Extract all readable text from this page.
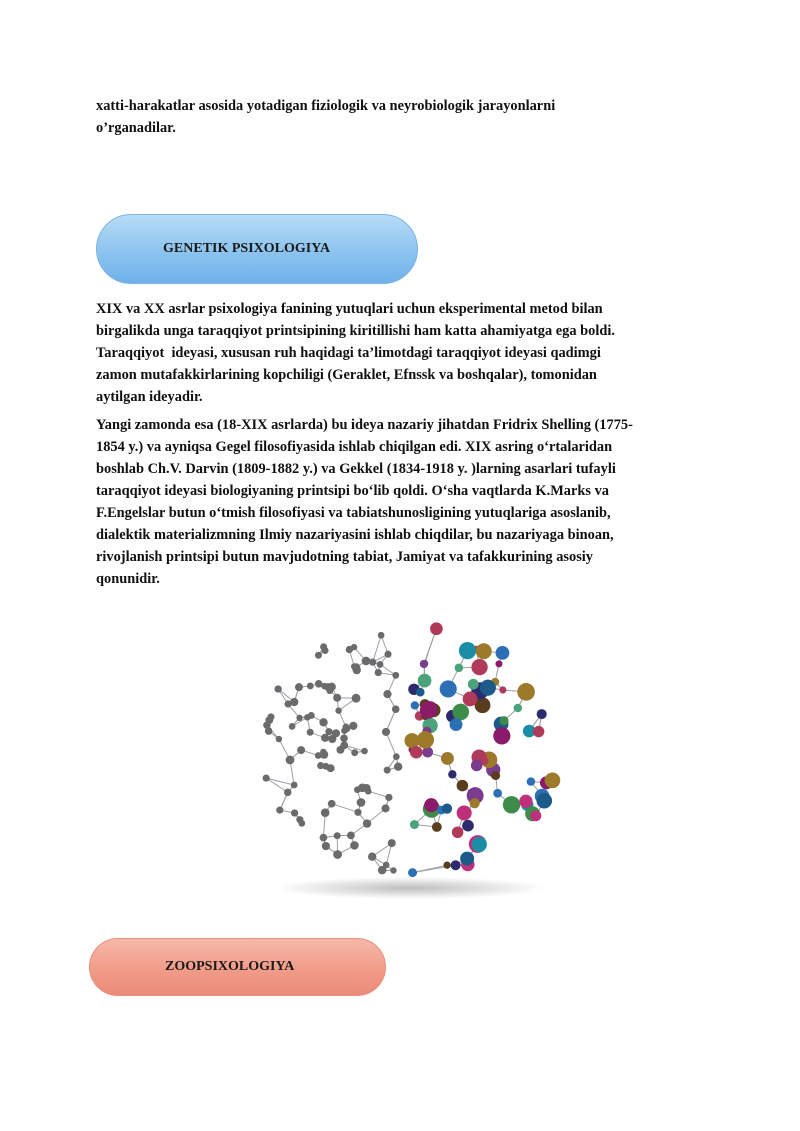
xatti-harakatlar asosida yotadigan fiziologik va neyrobiologik jarayonlarni
o’rganadilar.

GENETIK PSIXOLOGIYA

XIX va XX asrlar psixologiya fanining yutuqlari uchun eksperimental metod bilan
birgalikda unga taraqqiyot printsipining kiritillishi ham katta ahamiyatga ega boldi.
Taraqqiyot  ideyasi, xususan ruh haqidagi ta’limotdagi taraqqiyot ideyasi qadimgi
zamon mutafakkirlarining kopchiligi (Geraklet, Efnssk va boshqalar), tomonidan
aytilgan ideyadir.

Yangi zamonda esa (18-XIX asrlarda) bu ideya nazariy jihatdan Fridrix Shelling (1775-
1854 y.) va ayniqsa Gegel filosofiyasida ishlab chiqilgan edi. XIX asring o‘rtalaridan
boshlab Ch.V. Darvin (1809-1882 y.) va Gekkel (1834-1918 y. )larning asarlari tufayli
taraqqiyot ideyasi biologiyaning printsipi bo‘lib qoldi. O‘sha vaqtlarda K.Marks va
F.Engelslar butun o‘tmish filosofiyasi va tabiatshunosligining yutuqlariga asoslanib,
dialektik materializmning Ilmiy nazariyasini ishlab chiqdilar, bu nazariyaga binoan,
rivojlanish printsipi butun mavjudotning tabiat, Jamiyat va tafakkurining asosiy
qonunidir.

ZOOPSIXOLOGIYA
